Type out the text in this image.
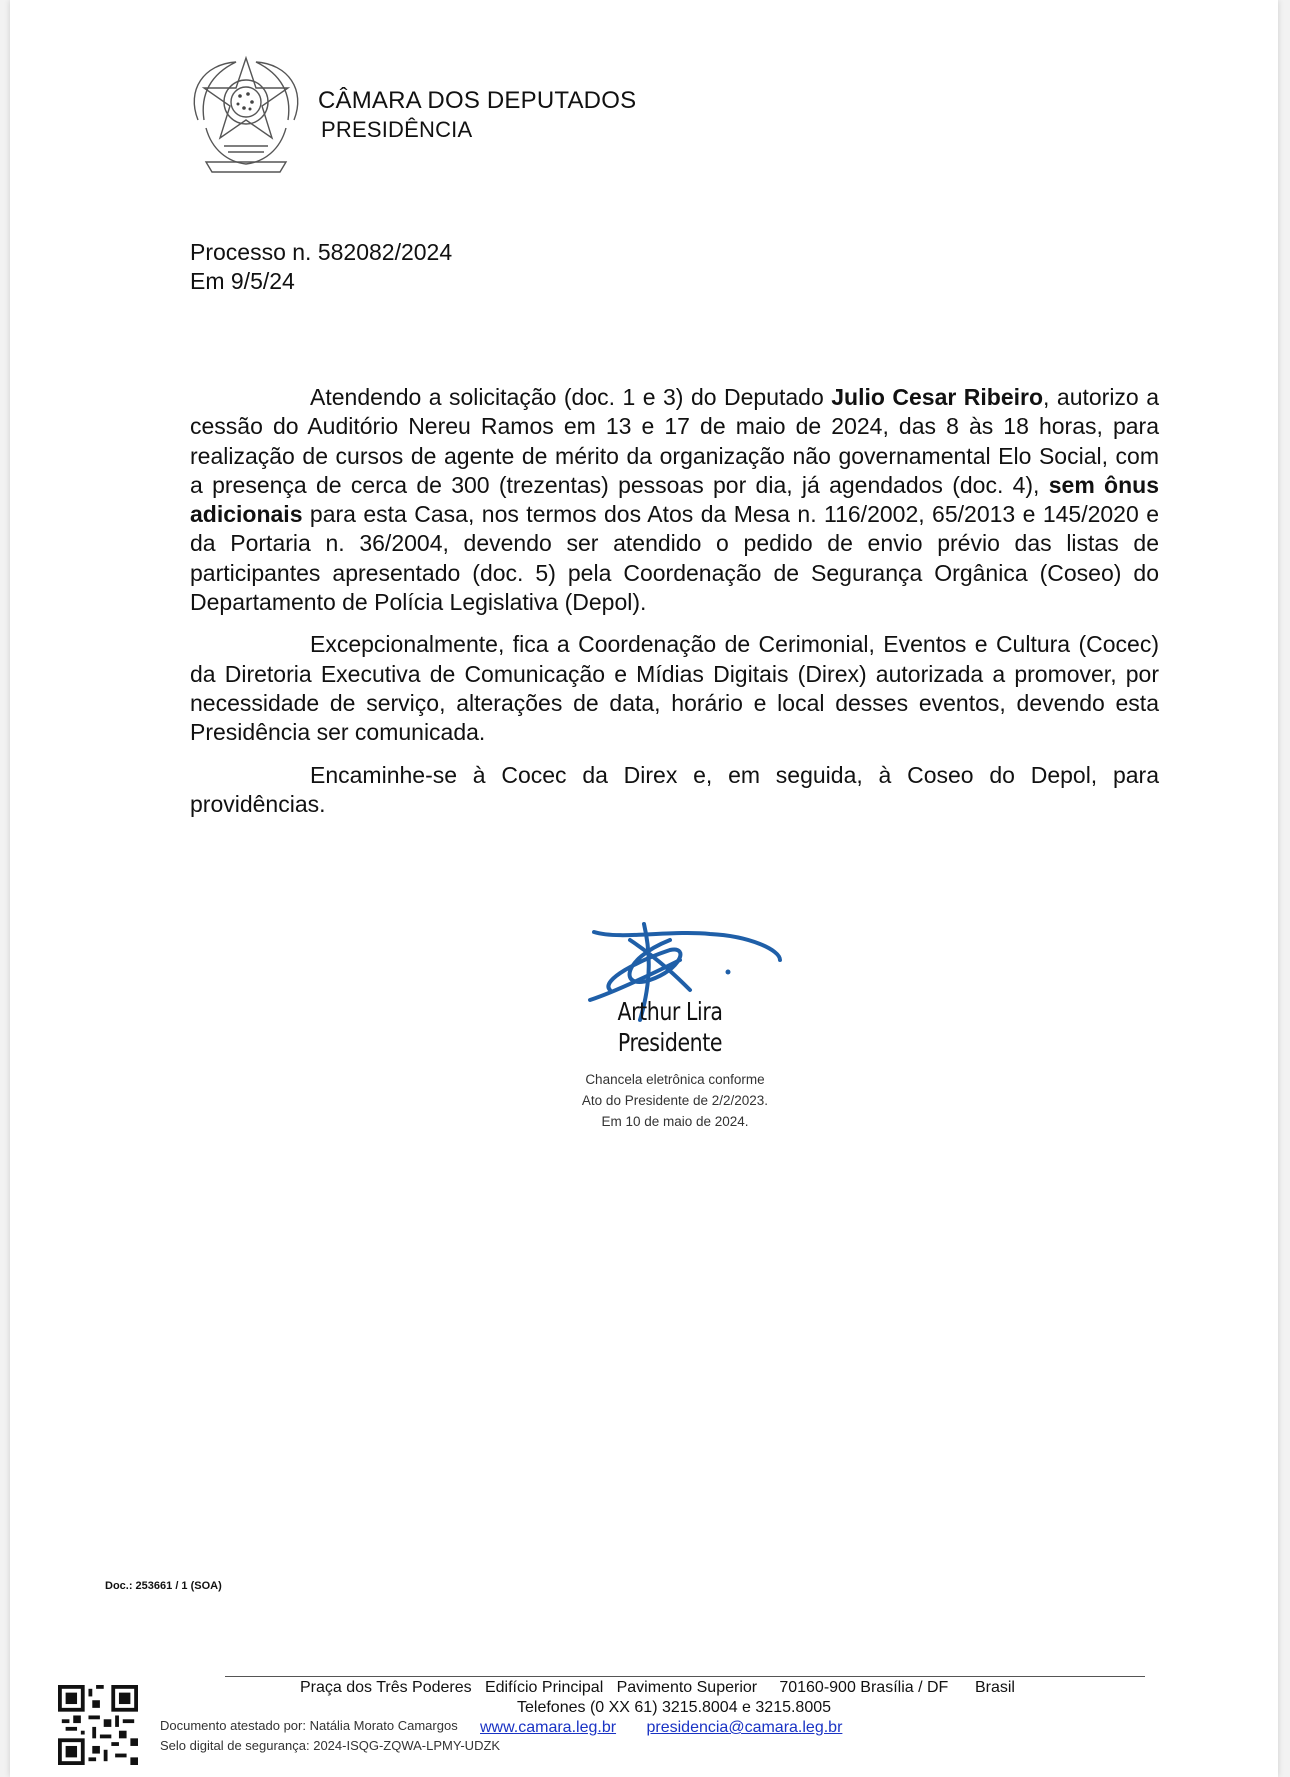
CÂMARA DOS DEPUTADOS
PRESIDÊNCIA
Processo n. 582082/2024
Em 9/5/24

Atendendo a solicitação (doc. 1 e 3) do Deputado Julio Cesar Ribeiro, autorizo a cessão do Auditório Nereu Ramos em 13 e 17 de maio de 2024, das 8 às 18 horas, para realização de cursos de agente de mérito da organização não governamental Elo Social, com a presença de cerca de 300 (trezentas) pessoas por dia, já agendados (doc. 4), sem ônus adicionais para esta Casa, nos termos dos Atos da Mesa n. 116/2002, 65/2013 e 145/2020 e da Portaria n. 36/2004, devendo ser atendido o pedido de envio prévio das listas de participantes apresentado (doc. 5) pela Coordenação de Segurança Orgânica (Coseo) do Departamento de Polícia Legislativa (Depol).

Excepcionalmente, fica a Coordenação de Cerimonial, Eventos e Cultura (Cocec) da Diretoria Executiva de Comunicação e Mídias Digitais (Direx) autorizada a promover, por necessidade de serviço, alterações de data, horário e local desses eventos, devendo esta Presidência ser comunicada.

Encaminhe-se à Cocec da Direx e, em seguida, à Coseo do Depol, para providências.

Arthur Lira
Presidente
Chancela eletrônica conforme
Ato do Presidente de 2/2/2023.
Em 10 de maio de 2024.
Doc.: 253661 / 1 (SOA)
Praça dos Três Poderes   Edifício Principal   Pavimento Superior     70160-900 Brasília / DF      Brasil
Telefones (0 XX 61) 3215.8004 e 3215.8005
www.camara.leg.br presidencia@camara.leg.br
Documento atestado por: Natália Morato Camargos
Selo digital de segurança: 2024-ISQG-ZQWA-LPMY-UDZK
